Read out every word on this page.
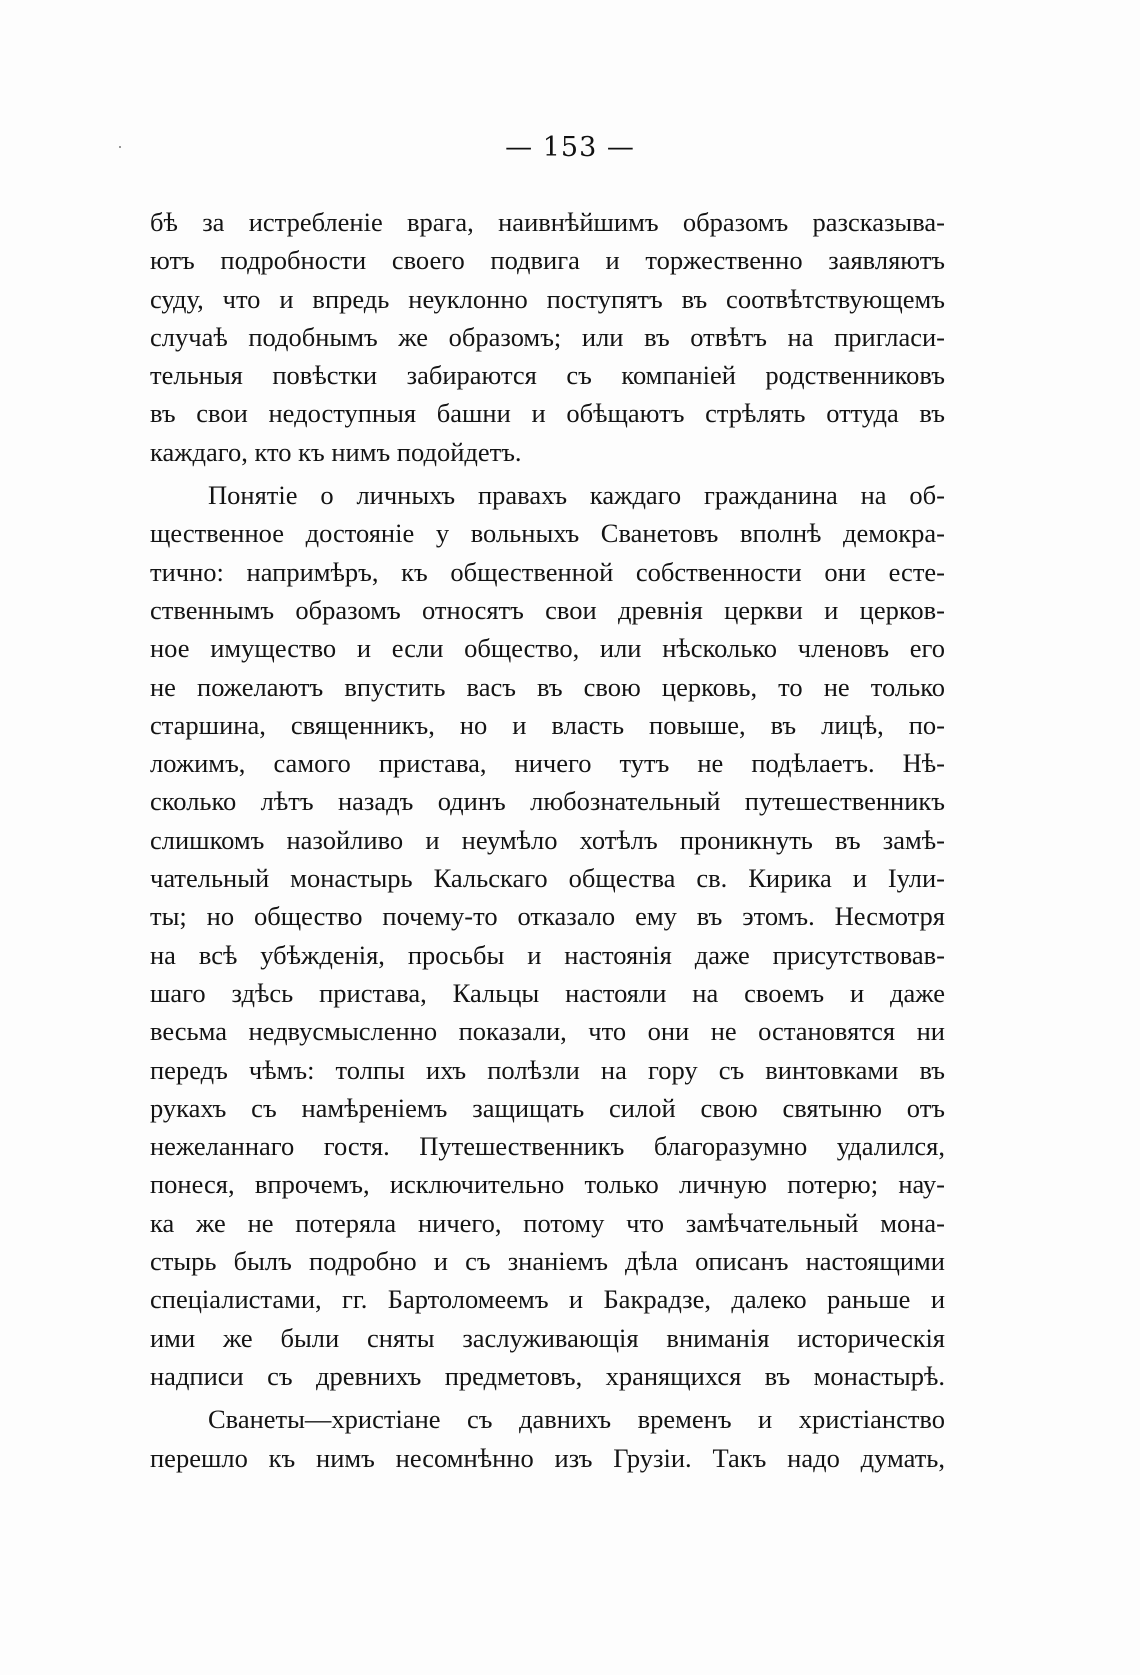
— 153 —

бѣ за истребленіе врага, наивнѣйшимъ образомъ разсказыва-
ютъ подробности своего подвига и торжественно заявляютъ
суду, что и впредь неуклонно поступятъ въ соотвѣтствующемъ
случаѣ подобнымъ же образомъ; или въ отвѣтъ на пригласи-
тельныя повѣстки забираются съ компаніей родственниковъ
въ свои недоступныя башни и обѣщаютъ стрѣлять оттуда въ
каждаго, кто къ нимъ подойдетъ.

Понятіе о личныхъ правахъ каждаго гражданина на об-
щественное достояніе у вольныхъ Сванетовъ вполнѣ демокра-
тично: напримѣръ, къ общественной собственности они есте-
ственнымъ образомъ относятъ свои древнія церкви и церков-
ное имущество и если общество, или нѣсколько членовъ его
не пожелаютъ впустить васъ въ свою церковь, то не только
старшина, священникъ, но и власть повыше, въ лицѣ, по-
ложимъ, самого пристава, ничего тутъ не подѣлаетъ. Нѣ-
сколько лѣтъ назадъ одинъ любознательный путешественникъ
слишкомъ назойливо и неумѣло хотѣлъ проникнуть въ замѣ-
чательный монастырь Кальскаго общества св. Кирика и Іули-
ты; но общество почему-то отказало ему въ этомъ. Несмотря
на всѣ убѣжденія, просьбы и настоянія даже присутствовав-
шаго здѣсь пристава, Кальцы настояли на своемъ и даже
весьма недвусмысленно показали, что они не остановятся ни
передъ чѣмъ: толпы ихъ полѣзли на гору съ винтовками въ
рукахъ съ намѣреніемъ защищать силой свою святыню отъ
нежеланнаго гостя. Путешественникъ благоразумно удалился,
понеся, впрочемъ, исключительно только личную потерю; нау-
ка же не потеряла ничего, потому что замѣчательный мона-
стырь былъ подробно и съ знаніемъ дѣла описанъ настоящими
спеціалистами, гг. Бартоломеемъ и Бакрадзе, далеко раньше и
ими же были сняты заслуживающія вниманія историческія
надписи съ древнихъ предметовъ, хранящихся въ монастырѣ.

Сванеты—христіане съ давнихъ временъ и христіанство
перешло къ нимъ несомнѣнно изъ Грузіи. Такъ надо думать,
